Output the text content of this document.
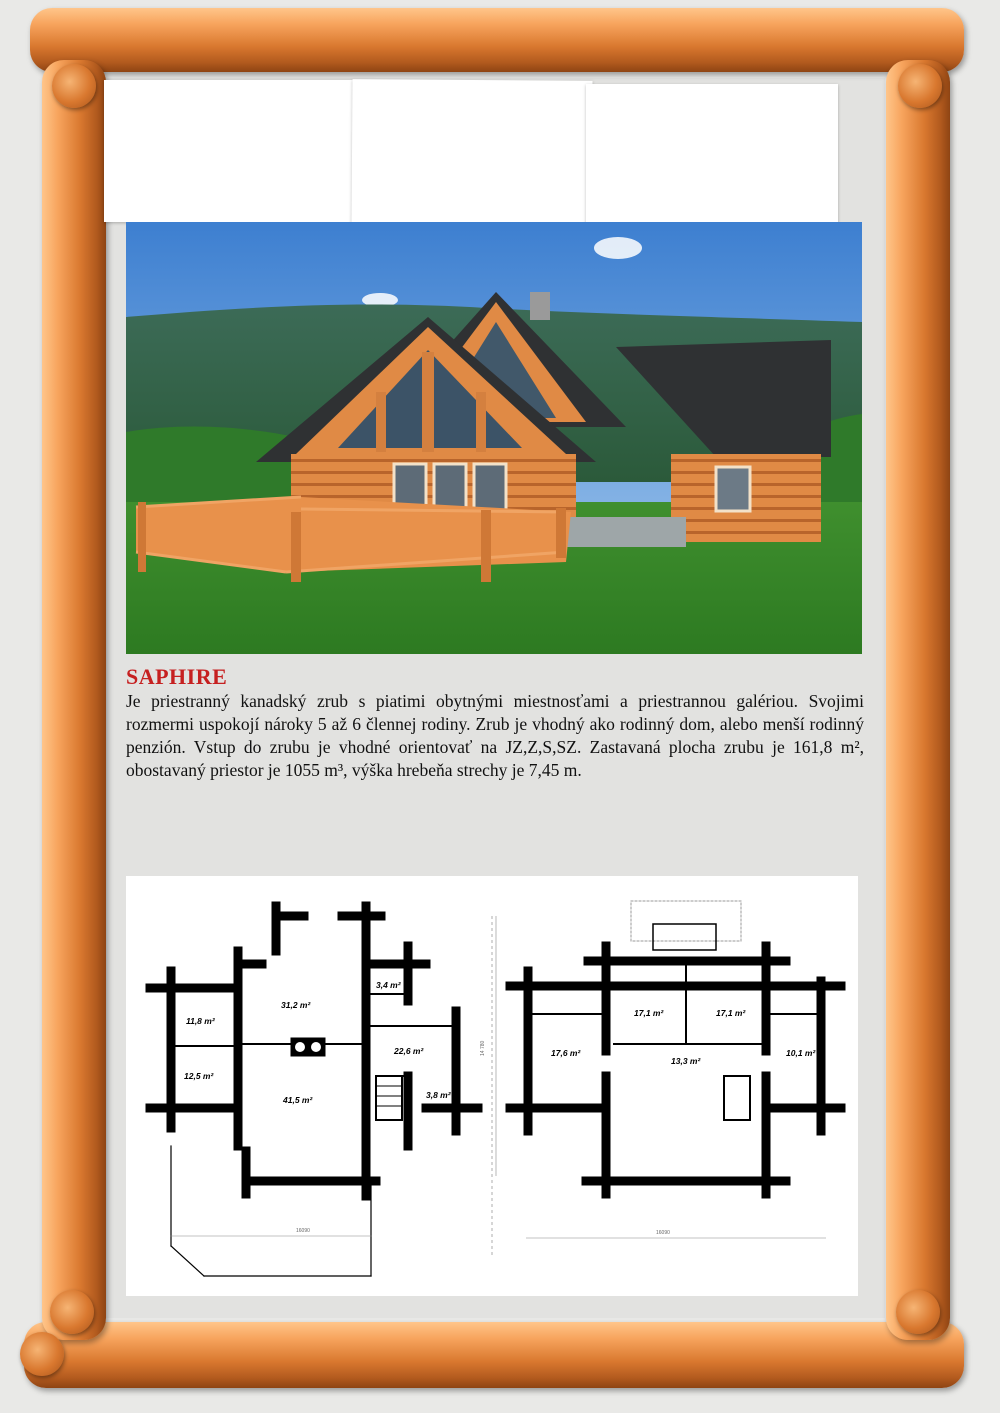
SAPHIRE
Je priestranný kanadský zrub s piatimi obytnými miestnosťami a priestrannou galériou. Svojimi rozmermi uspokojí nároky 5 až 6 člennej rodiny. Zrub je vhodný ako rodinný dom, alebo menší rodinný penzión. Vstup do zrubu je vhodné orientovať na JZ,Z,S,SZ. Zastavaná plocha zrubu je 161,8 m², obostavaný priestor je 1055 m³, výška hrebeňa strechy je 7,45 m.
31,2 m²
3,4 m²
11,8 m²
22,6 m²
12,5 m²
41,5 m²	3,8 m²
16090
17,1 m²	17,1 m²
17,6 m²
13,3 m²
10,1 m²
16090
14 780
